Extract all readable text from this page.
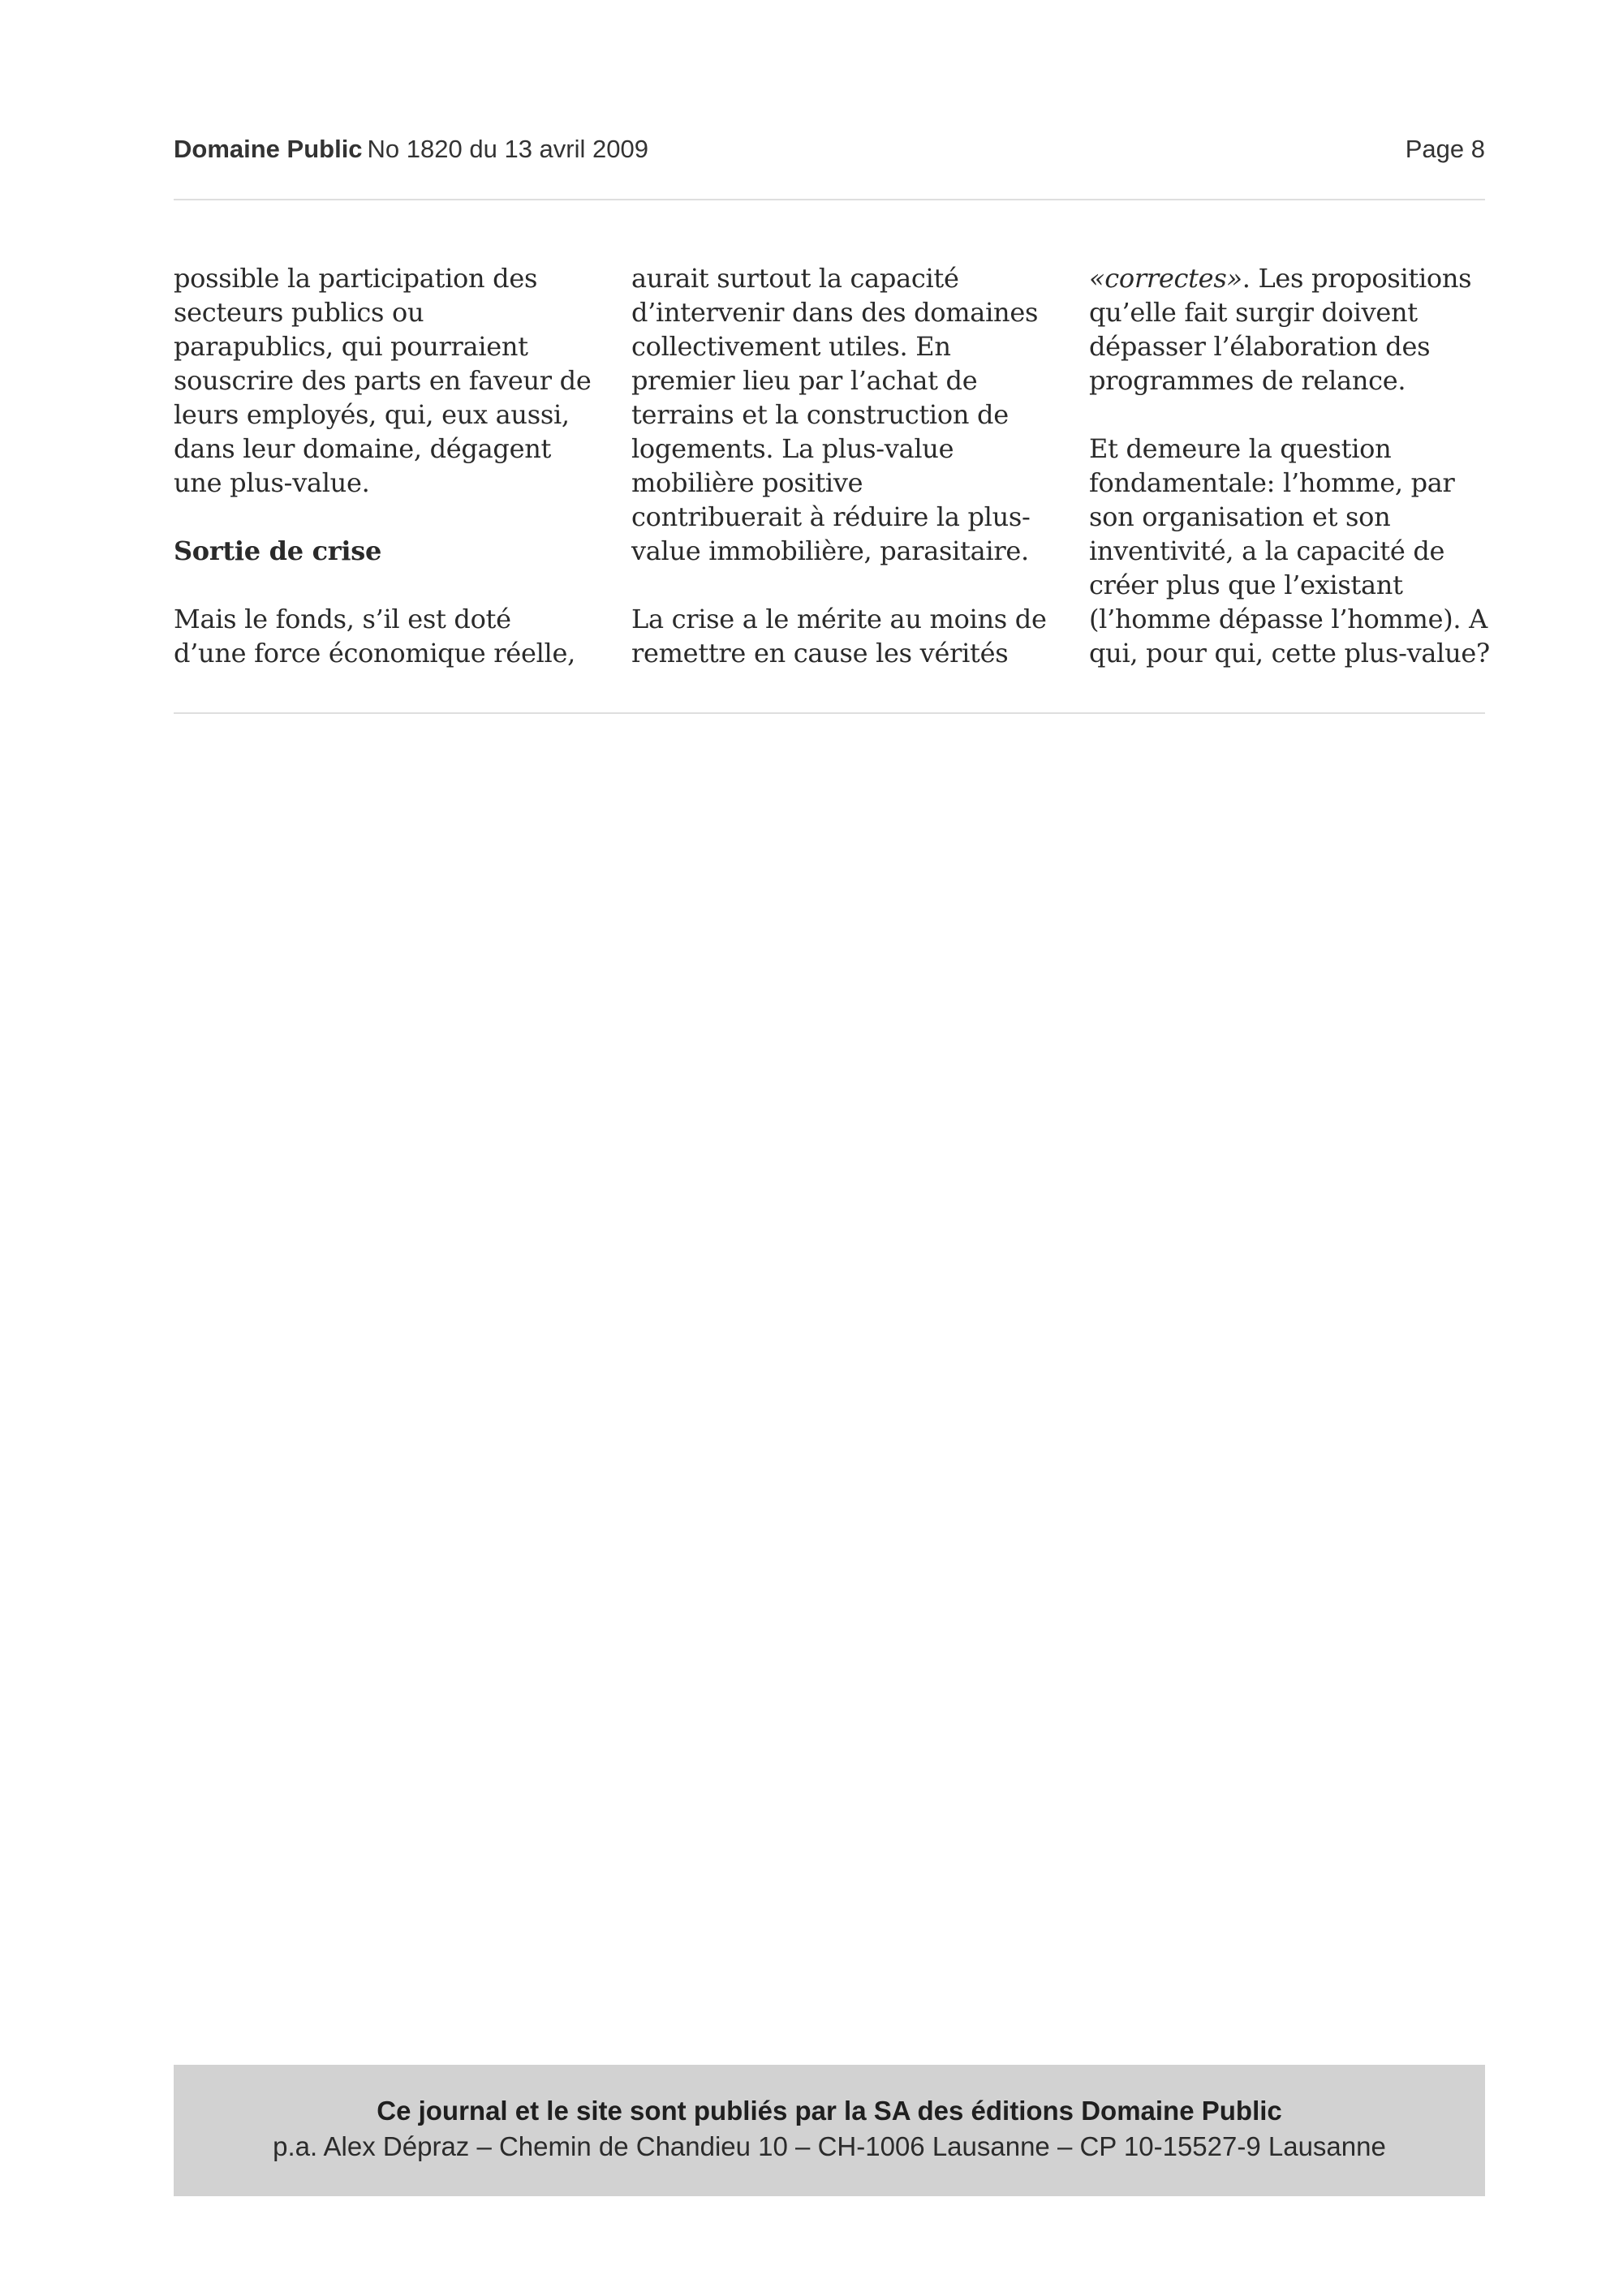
Domaine Public No 1820 du 13 avril 2009	Page 8

possible la participation des
secteurs publics ou
parapublics, qui pourraient
souscrire des parts en faveur de
leurs employés, qui, eux aussi,
dans leur domaine, dégagent
une plus-value.

Sortie de crise

Mais le fonds, s’il est doté
d’une force économique réelle,

aurait surtout la capacité
d’intervenir dans des domaines
collectivement utiles. En
premier lieu par l’achat de
terrains et la construction de
logements. La plus-value
mobilière positive
contribuerait à réduire la plus-
value immobilière, parasitaire.

La crise a le mérite au moins de
remettre en cause les vérités

«correctes». Les propositions
qu’elle fait surgir doivent
dépasser l’élaboration des
programmes de relance.

Et demeure la question
fondamentale: l’homme, par
son organisation et son
inventivité, a la capacité de
créer plus que l’existant
(l’homme dépasse l’homme). A
qui, pour qui, cette plus-value?

Ce journal et le site sont publiés par la SA des éditions Domaine Public
p.a. Alex Dépraz – Chemin de Chandieu 10 – CH-1006 Lausanne – CP 10-15527-9 Lausanne
